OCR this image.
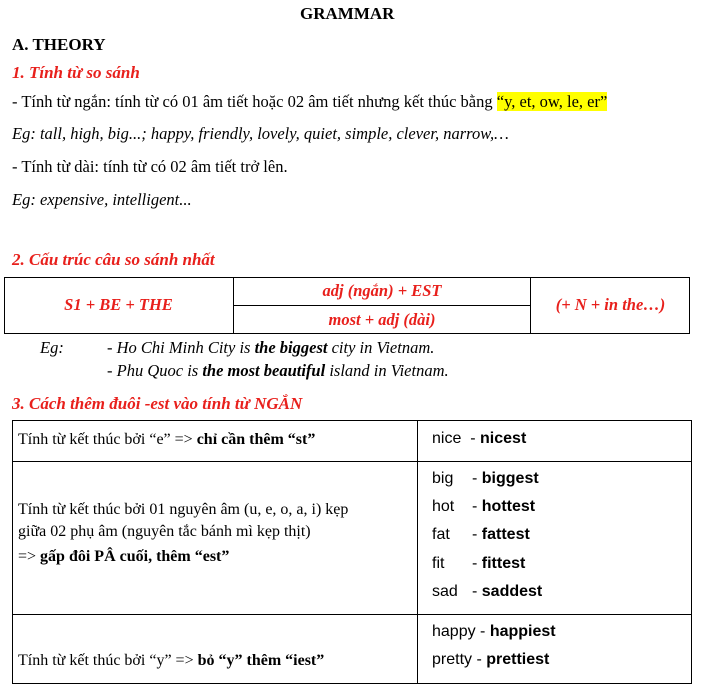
GRAMMAR
A. THEORY
1. Tính từ so sánh
- Tính từ ngắn: tính từ có 01 âm tiết hoặc 02 âm tiết nhưng kết thúc bằng “y, et, ow, le, er”
Eg: tall, high, big...; happy, friendly, lovely, quiet, simple, clever, narrow,…
- Tính từ dài: tính từ có 02 âm tiết trở lên.
Eg: expensive, intelligent...
2. Cấu trúc câu so sánh nhất
S1 + BE + THE
adj (ngắn) + EST
most + adj (dài)
(+ N + in the…)
Eg:	- Ho Chi Minh City is the biggest city in Vietnam.
- Phu Quoc is the most beautiful island in Vietnam.
3. Cách thêm đuôi -est vào tính từ NGẮN
Tính từ kết thúc bởi “e” => chỉ cần thêm “st”	nice  - nicest
Tính từ kết thúc bởi 01 nguyên âm (u, e, o, a, i) kẹp
giữa 02 phụ âm (nguyên tắc bánh mì kẹp thịt)
=> gấp đôi PÂ cuối, thêm “est”
big - biggest
hot - hottest
fat - fattest
fit - fittest
sad - saddest
Tính từ kết thúc bởi “y” => bỏ “y” thêm “iest”
happy - happiest
pretty - prettiest
